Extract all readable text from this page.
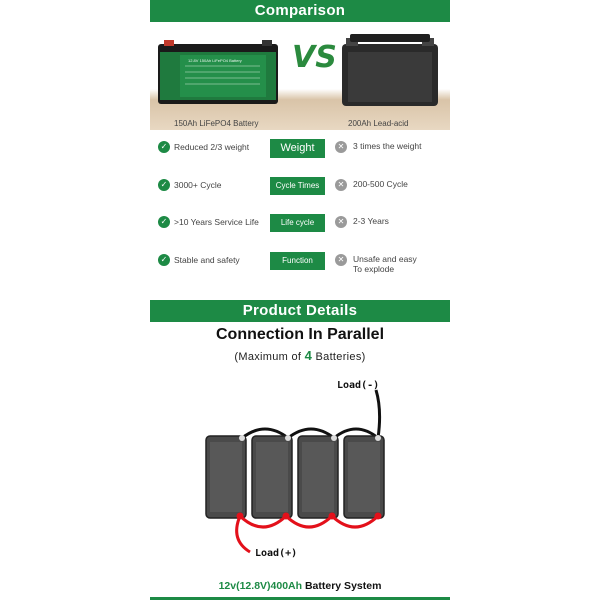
Comparison
150Ah LiFePO4 Battery	200Ah Lead-acid
12.8V 150Ah LiFePO4 Battery VS
✓ Reduced 2/3 weight	Weight	✕	3 times the weight
✓ 3000+ Cycle	Cycle Times	✕	200-500 Cycle
✓ >10 Years Service Life	Life cycle	✕	2-3 Years
✓ Stable and safety	Function	✕	Unsafe and easy
To explode
Product Details
Connection In Parallel
(Maximum of 4 Batteries)
Load(-)
Load(+)
12v(12.8V)400Ah Battery System
